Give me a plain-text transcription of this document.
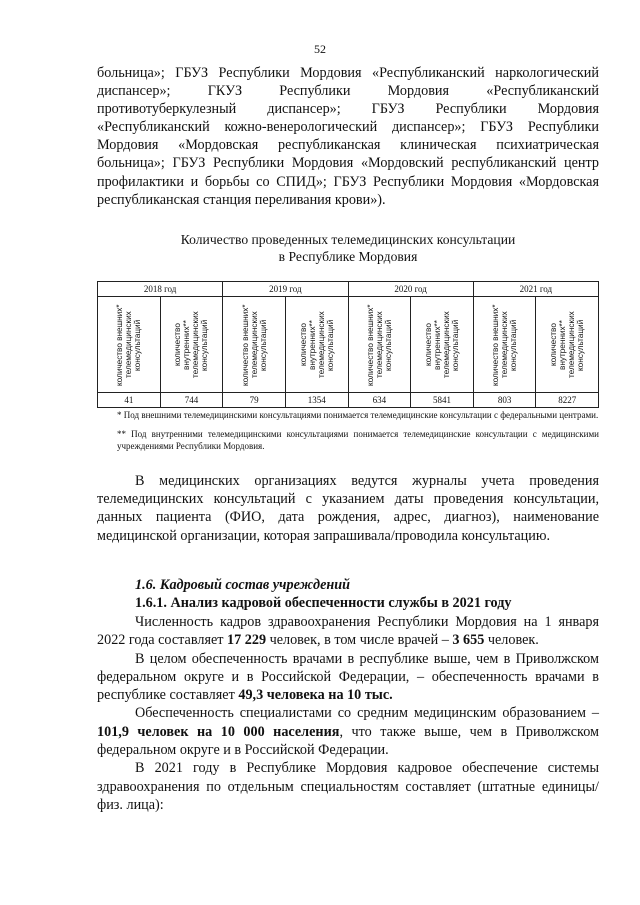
52

больница»; ГБУЗ Республики Мордовия «Республиканский наркологический диспансер»; ГКУЗ Республики Мордовия «Республиканский противотуберкулезный диспансер»; ГБУЗ Республики Мордовия «Республиканский кожно-венерологический диспансер»; ГБУЗ Республики Мордовия «Мордовская республиканская клиническая психиатрическая больница»; ГБУЗ Республики Мордовия «Мордовский республиканский центр профилактики и борьбы со СПИД»; ГБУЗ Республики Мордовия «Мордовская республиканская станция переливания крови»).

Количество проведенных телемедицинских консультации
в Республике Мордовия
2018 год		2019 год		2020 год		2021 год	

количество внешних* телемедицинских консультаций	количество внутренних** телемедицинских консультаций	количество внешних* телемедицинских консультаций	количество внутренних** телемедицинских консультаций	количество внешних* телемедицинских консультаций	количество внутренних** телемедицинских консультаций	количество внешних* телемедицинских консультаций	количество внутренних** телемедицинских консультаций

41	744	79	1354	634	5841	803	8227

* Под внешними телемедицинскими консультациями понимается телемедицинские консультации с федеральными центрами.

** Под внутренними телемедицинскими консультациями понимается телемедицинские консультации с медицинскими учреждениями Республики Мордовия.

В медицинских организациях ведутся журналы учета проведения телемедицинских консультаций с указанием даты проведения консультации, данных пациента (ФИО, дата рождения, адрес, диагноз), наименование медицинской организации, которая запрашивала/проводила консультацию.

1.6. Кадровый состав учреждений
1.6.1. Анализ кадровой обеспеченности службы в 2021 году

Численность кадров здравоохранения Республики Мордовия на 1 января 2022 года составляет 17 229 человек, в том числе врачей – 3 655 человек.

В целом обеспеченность врачами в республике выше, чем в Приволжском федеральном округе и в Российской Федерации, – обеспеченность врачами в республике составляет 49,3 человека на 10 тыс.

Обеспеченность специалистами со средним медицинским образованием – 101,9 человек на 10 000 населения, что также выше, чем в Приволжском федеральном округе и в Российской Федерации.

В 2021 году в Республике Мордовия кадровое обеспечение системы здравоохранения по отдельным специальностям составляет (штатные единицы/физ. лица):
